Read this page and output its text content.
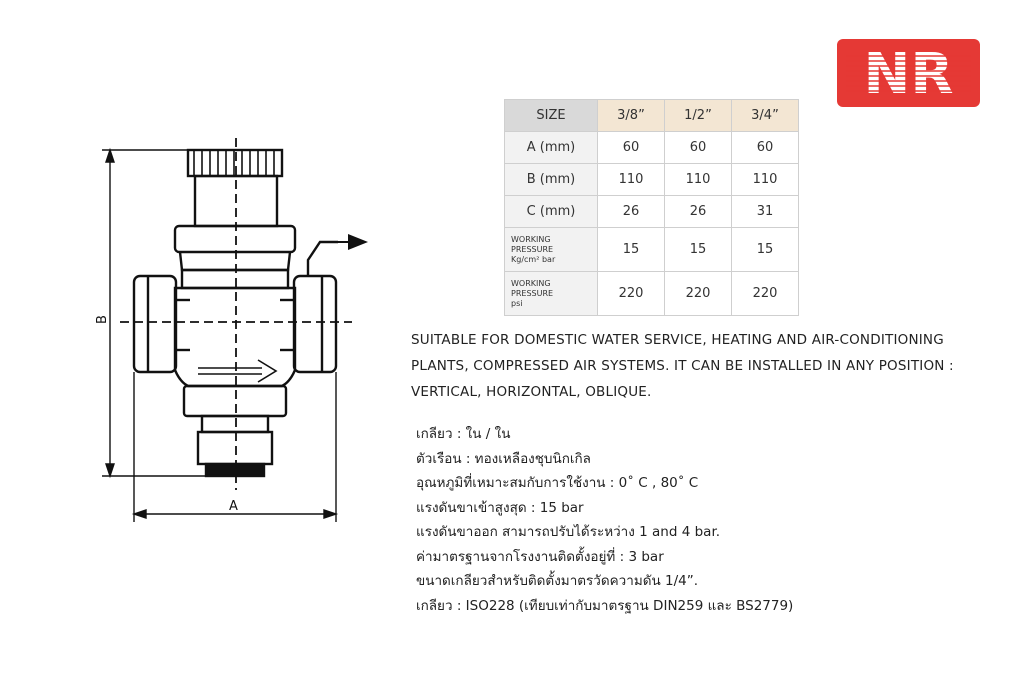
B
A
NR
SIZE	3/8”	1/2”	3/4”
A (mm)	60	60	60
B (mm)	110	110	110
C (mm)	26	26	31

WORKING
PRESSURE
Kg/cm² bar	15	15	15

WORKING
PRESSURE
psi	220	220	220
SUITABLE FOR DOMESTIC WATER SERVICE, HEATING AND AIR-CONDITIONING
PLANTS, COMPRESSED AIR SYSTEMS. IT CAN BE INSTALLED IN ANY POSITION :
VERTICAL, HORIZONTAL, OBLIQUE.
เกลียว : ใน / ใน
ตัวเรือน : ทองเหลืองชุบนิกเกิล
อุณหภูมิที่เหมาะสมกับการใช้งาน : 0˚ C , 80˚ C
แรงดันขาเข้าสูงสุด : 15 bar
แรงดันขาออก สามารถปรับได้ระหว่าง 1 and 4 bar.
ค่ามาตรฐานจากโรงงานติดตั้งอยู่ที่ : 3 bar
ขนาดเกลียวสำหรับติดตั้งมาตรวัดความดัน 1/4”.
เกลียว : ISO228 (เทียบเท่ากับมาตรฐาน DIN259 และ BS2779)
